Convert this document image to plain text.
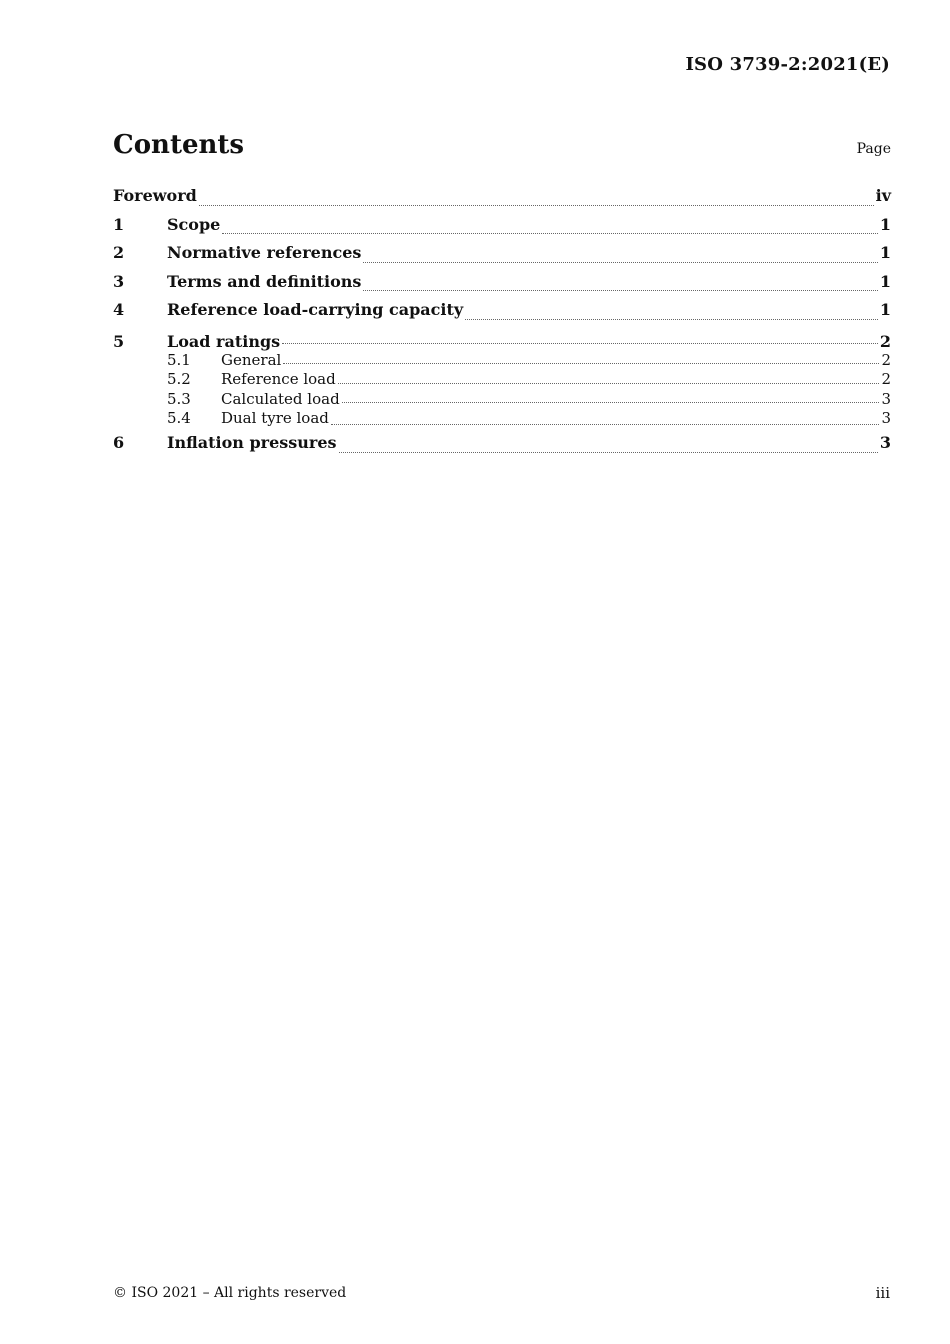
ISO 3739-2:2021(E)
Contents	Page
Foreword	iv
1	Scope	1
2	Normative references	1
3	Terms and definitions	1
4	Reference load-carrying capacity	1
5	Load ratings	2
5.1	General	2
5.2	Reference load	2
5.3	Calculated load	3
5.4	Dual tyre load	3
6	Inflation pressures	3
© ISO 2021 – All rights reserved	iii
